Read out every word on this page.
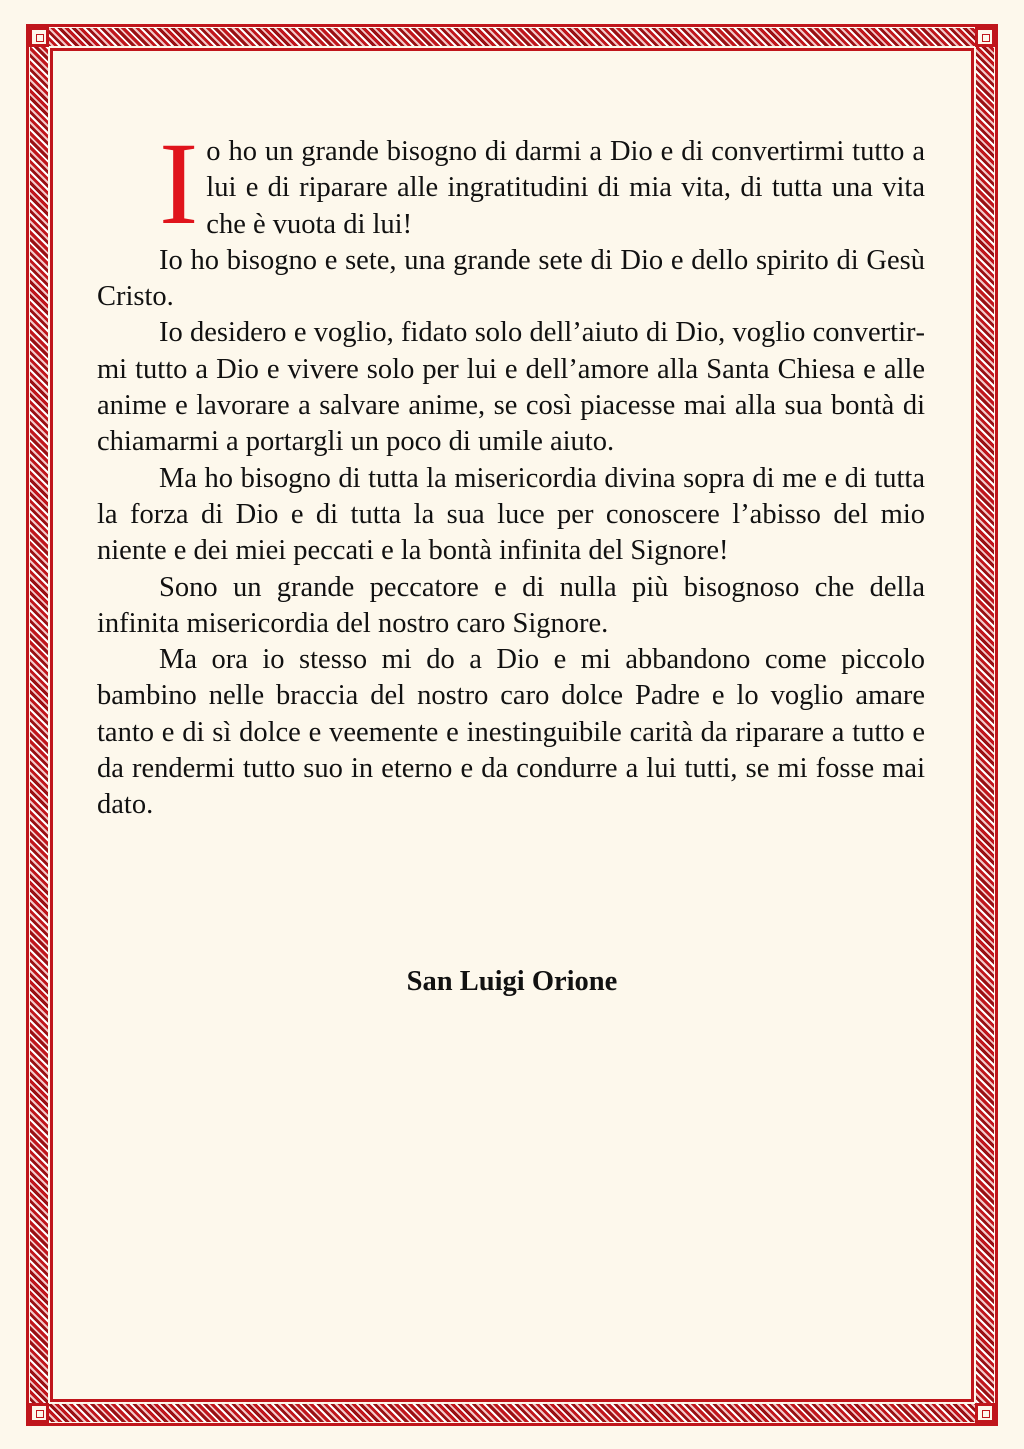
Io ho un grande bisogno di darmi a Dio e di convertirmi tutto a lui e di riparare alle ingratitudini di mia vita, di tutta una vita che è vuota di lui!

Io ho bisogno e sete, una grande sete di Dio e dello spirito di Gesù Cristo.

Io desidero e voglio, fidato solo dell’aiuto di Dio, voglio convertirmi tutto a Dio e vivere solo per lui e dell’amore alla Santa Chiesa e alle anime e lavorare a salvare anime, se così piacesse mai alla sua bontà di chiamarmi a portargli un poco di umile aiuto.

Ma ho bisogno di tutta la misericordia divina sopra di me e di tutta la forza di Dio e di tutta la sua luce per conoscere l’abisso del mio niente e dei miei peccati e la bontà infinita del Signore!

Sono un grande peccatore e di nulla più bisognoso che della infinita misericordia del nostro caro Signore.

Ma ora io stesso mi do a Dio e mi abbandono come piccolo bambino nelle braccia del nostro caro dolce Padre e lo voglio amare tanto e di sì dolce e veemente e inestinguibile carità da riparare a tutto e da rendermi tutto suo in eterno e da condurre a lui tutti, se mi fosse mai dato.

San Luigi Orione
